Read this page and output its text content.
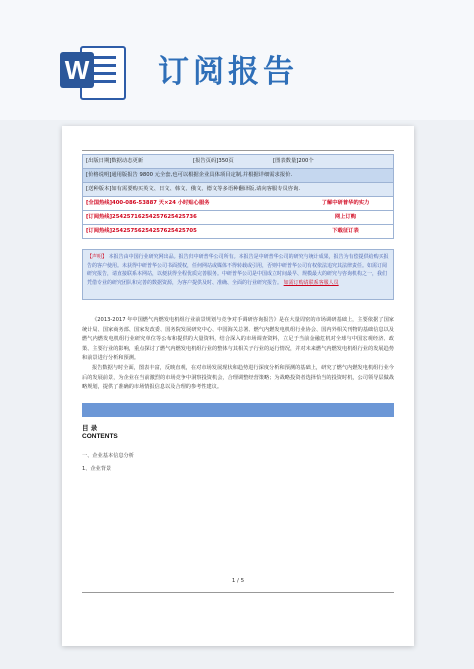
W 订阅报告
[出版日期]数据动态更新	[报告页码]350页	[图表数量]200个
[价格说明]通用版报告 9800 元全套,也可以根据企业具体项目定制,并根据详细需求报价.
[送种版本]如有需要购买英文、日文、韩文、俄文、德文等多语种翻译版,请向客服专员咨询.
[全国热线]400-086-53887 天×24 小时贴心服务	了解中研普华的实力
[订阅热线]25425716254257625425736	网上订购
[订阅热线]25425756254257625425705	下载征订表
【声明】 本报告由中国行业研究网出品。报告归中研普华公司所有。本报告是中研普华公司的研究与统计成果，报告为有偿提供给购买报告的客户使用。未获得中研普华公司书面授权，任何网站或媒体不得转载或引用，否则中研普华公司有权依法追究其法律责任。如需订阅研究报告，请直接联系本网站，以便获得全程优质完善服务。中研普华公司是中国成立时间最早、规模最大的研究与咨询机构之一，我们凭借专业的研究团队和完善的数据资源，为客户提供及时、准确、全面的行业研究报告。 如需订购请联系客服人员
《2013-2017 年中国燃气内燃发电机组行业前景规划与竞争对手调研咨询报告》是在大量周密的市场调研基础上，主要依据了国家统计局、国家商务部、国家发改委、国务院发展研究中心、中国海关总署、燃气内燃发电机组行业协会、国内外相关刊物的基础信息以及燃气内燃发电机组行业研究单位等公布和提供的大量资料，结合深入的市场调查资料，立足于当前金融危机对全球与中国宏观经济、政策、主要行业的影响，重点探讨了燃气内燃发电机组行业的整体与其相关子行业的运行情况，并对未来燃气内燃发电机组行业的发展趋势和前景进行分析和预测。
报告数据与时全面，图表丰富，反映直观，在对市场发展现状和趋势进行深度分析和预测的基础上，研究了燃气内燃发电机组行业今后的发展前景，为企业在当前激烈的市场竞争中洞察投资机会，合理调整经营策略；为战略投资者选择恰当的投资时机，公司领导层做战略规划，提供了准确的市场情报信息以及合理的参考性建议。
目 录
CONTENTS
一、企业基本信息分析
1、企业背景
1 / 5
